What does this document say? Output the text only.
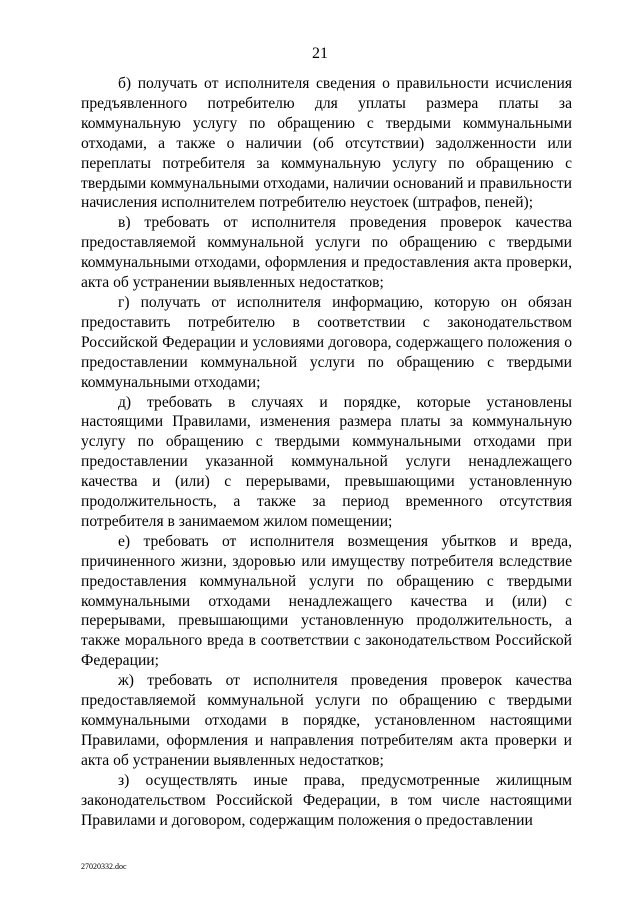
21

б) получать от исполнителя сведения о правильности исчисления предъявленного потребителю для уплаты размера платы за коммунальную услугу по обращению с твердыми коммунальными отходами, а также о наличии (об отсутствии) задолженности или переплаты потребителя за коммунальную услугу по обращению с твердыми коммунальными отходами, наличии оснований и правильности начисления исполнителем потребителю неустоек (штрафов, пеней);

в) требовать от исполнителя проведения проверок качества предоставляемой коммунальной услуги по обращению с твердыми коммунальными отходами, оформления и предоставления акта проверки, акта об устранении выявленных недостатков;

г) получать от исполнителя информацию, которую он обязан предоставить потребителю в соответствии с законодательством Российской Федерации и условиями договора, содержащего положения о предоставлении коммунальной услуги по обращению с твердыми коммунальными отходами;

д) требовать в случаях и порядке, которые установлены настоящими Правилами, изменения размера платы за коммунальную услугу по обращению с твердыми коммунальными отходами при предоставлении указанной коммунальной услуги ненадлежащего качества и (или) с перерывами, превышающими установленную продолжительность, а также за период временного отсутствия потребителя в занимаемом жилом помещении;

е) требовать от исполнителя возмещения убытков и вреда, причиненного жизни, здоровью или имуществу потребителя вследствие предоставления коммунальной услуги по обращению с твердыми коммунальными отходами ненадлежащего качества и (или) с перерывами, превышающими установленную продолжительность, а также морального вреда в соответствии с законодательством Российской Федерации;

ж) требовать от исполнителя проведения проверок качества предоставляемой коммунальной услуги по обращению с твердыми коммунальными отходами в порядке, установленном настоящими Правилами, оформления и направления потребителям акта проверки и акта об устранении выявленных недостатков;

з) осуществлять иные права, предусмотренные жилищным законодательством Российской Федерации, в том числе настоящими Правилами и договором, содержащим положения о предоставлении

27020332.doc
